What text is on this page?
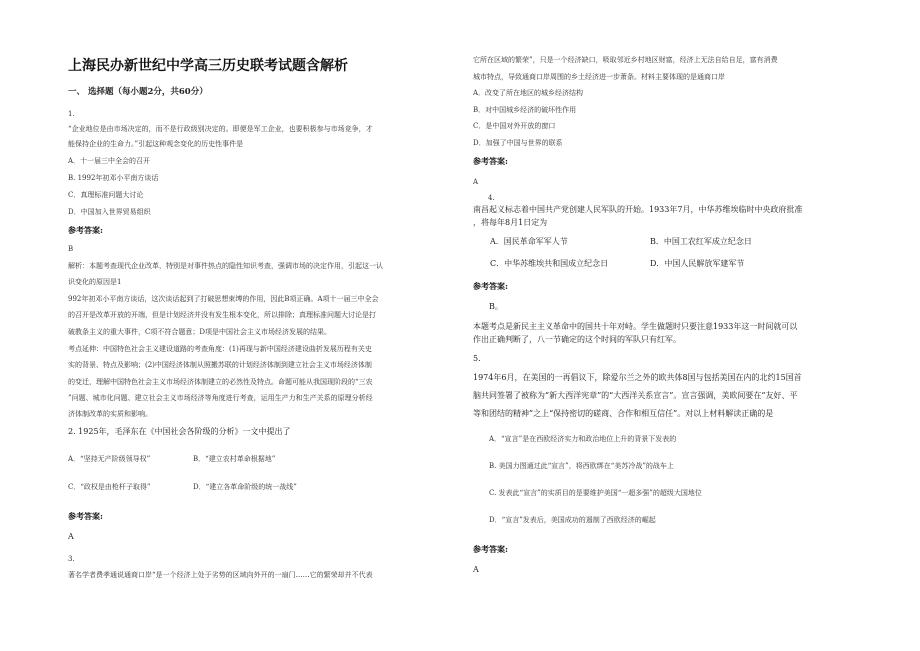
上海民办新世纪中学高三历史联考试题含解析
一、 选择题（每小题2分，共60分）
1.
“企业地位是由市场决定的，而不是行政级别决定的。即便是军工企业，也要积极参与市场竞争，才
能保持企业的生命力。”引起这种观念变化的历史性事件是
A．十一届三中全会的召开
B. 1992年初邓小平南方谈话
C．真理标准问题大讨论
D．中国加入世界贸易组织
参考答案:
B
解析：本题考查现代企业改革，特别是对事件热点的隐性知识考查，强调市场的决定作用，引起这一认
识变化的原因是1
992年初邓小平南方谈话，这次谈话起到了打破思想束缚的作用，因此B项正确。A项十一届三中全会
的召开是改革开放的开端，但是计划经济并没有发生根本变化，所以排除；真理标准问题大讨论是打
破教条主义的重大事件，C项不符合题意；D项是中国社会主义市场经济发展的结果。
考点延伸：中国特色社会主义建设道路的考查角度：(1)再现与新中国经济建设曲折发展历程有关史
实的背景、特点及影响；(2)中国经济体制从照搬苏联的计划经济体制到建立社会主义市场经济体制
的变迁，理解中国特色社会主义市场经济体制建立的必然性及特点。命题可能从我国现阶段的“三农
”问题、城市化问题、建立社会主义市场经济等角度进行考查，运用生产力和生产关系的原理分析经
济体制改革的实质和影响。
2. 1925年，毛泽东在《中国社会各阶级的分析》一文中提出了
A．“坚持无产阶级领导权”	B．“建立农村革命根据地”
C．“政权是由枪杆子取得”	D．“建立各革命阶级的统一战线”
参考答案:
A
3.
著名学者费孝通说通商口岸“是一个经济上处于劣势的区域向外开的一扇门……它的繁荣却并不代表
它所在区域的繁荣”，只是一个经济缺口，吸取邻近乡村地区财富，经济上无法自给自足，富有消费
城市特点，导致通商口岸周围的乡土经济进一步萧条。材料主要体现的是通商口岸
A．改变了所在地区的城乡经济结构
B．对中国城乡经济的破坏性作用
C．是中国对外开放的窗口
D．加强了中国与世界的联系
参考答案:
A
4.
南昌起义标志着中国共产党创建人民军队的开始。1933年7月，中华苏维埃临时中央政府批准
，将每年8月1日定为
A．国民革命军军人节	B．中国工农红军成立纪念日
C．中华苏维埃共和国成立纪念日	D．中国人民解放军建军节
参考答案:
B。
本题考点是新民主主义革命中的国共十年对峙。学生做题时只要注意1933年这一时间就可以
作出正确判断了，八一节确定的这个时间的军队只有红军。
5.
1974年6月，在美国的一再倡议下，除爱尔兰之外的欧共体8国与包括美国在内的北约15国首
脑共同签署了被称为“新大西洋宪章”的“大西洋关系宣言”。宣言强调，美欧间要在“友好、平
等和团结的精神”之上“保持密切的磋商、合作和相互信任”。对以上材料解读正确的是
A．“宣言”是在西欧经济实力和政治地位上升的背景下发表的
B. 美国力图通过此“宣言”，将西欧绑在“美苏冷战”的战车上
C. 发表此“宣言”的实质目的是要维护美国“一超多强”的超级大国地位
D．“宣言”发表后，美国成功的遏制了西欧经济的崛起
参考答案:
A
